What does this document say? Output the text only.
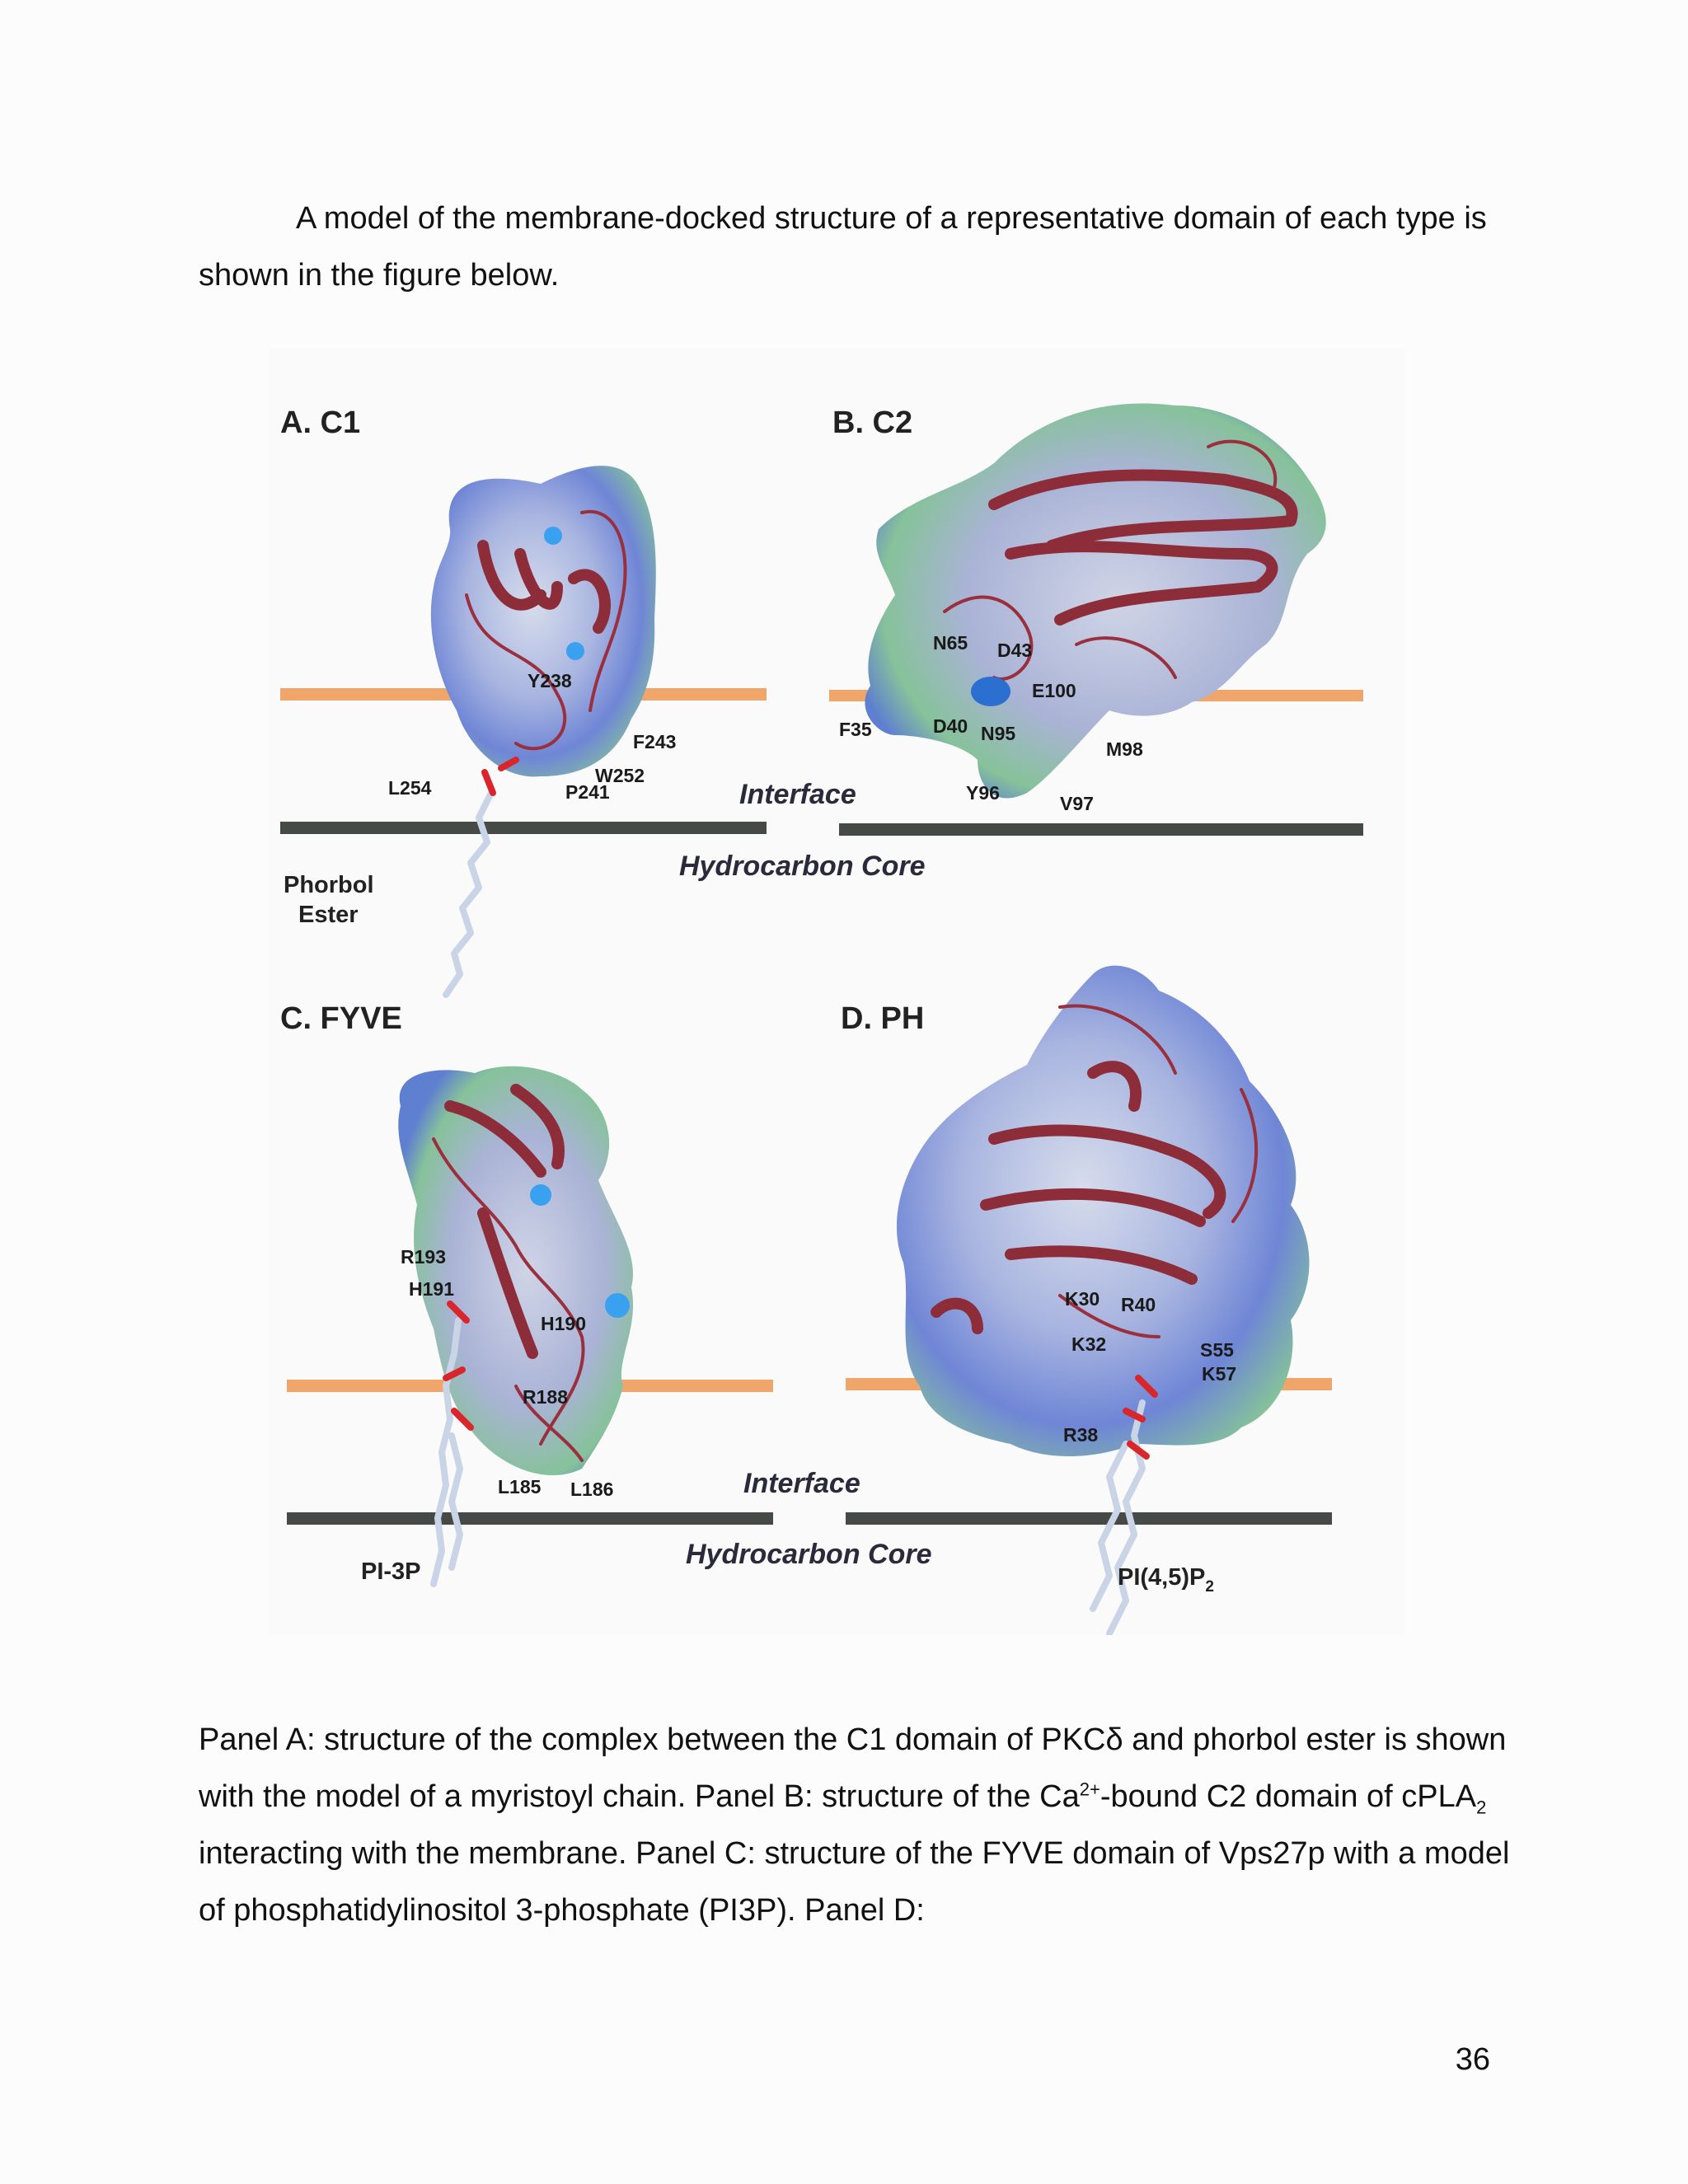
A model of the membrane-docked structure of a representative domain of each type is shown in the figure below.

A. C1
Y238
F243
W252
P241
L254
Phorbol
Ester
B. C2
N65 D43
E100
F35	D40 N95
M98
Y96	V97
Interface
Hydrocarbon Core
C. FYVE
R193
H191
H190
R188
L185 L186
PI-3P
D. PH
K30 R40
K32	S55
K57
R38
$PI(4,5)P_2$
Interface
Hydrocarbon Core

Panel A: structure of the complex between the C1 domain of PKCδ and phorbol ester is shown with the model of a myristoyl chain. Panel B: structure of the $Ca^{2+}$-bound C2 domain of cPLA$_2$ interacting with the membrane. Panel C: structure of the FYVE domain of Vps27p with a model of phosphatidylinositol 3-phosphate (PI3P). Panel D:

36
